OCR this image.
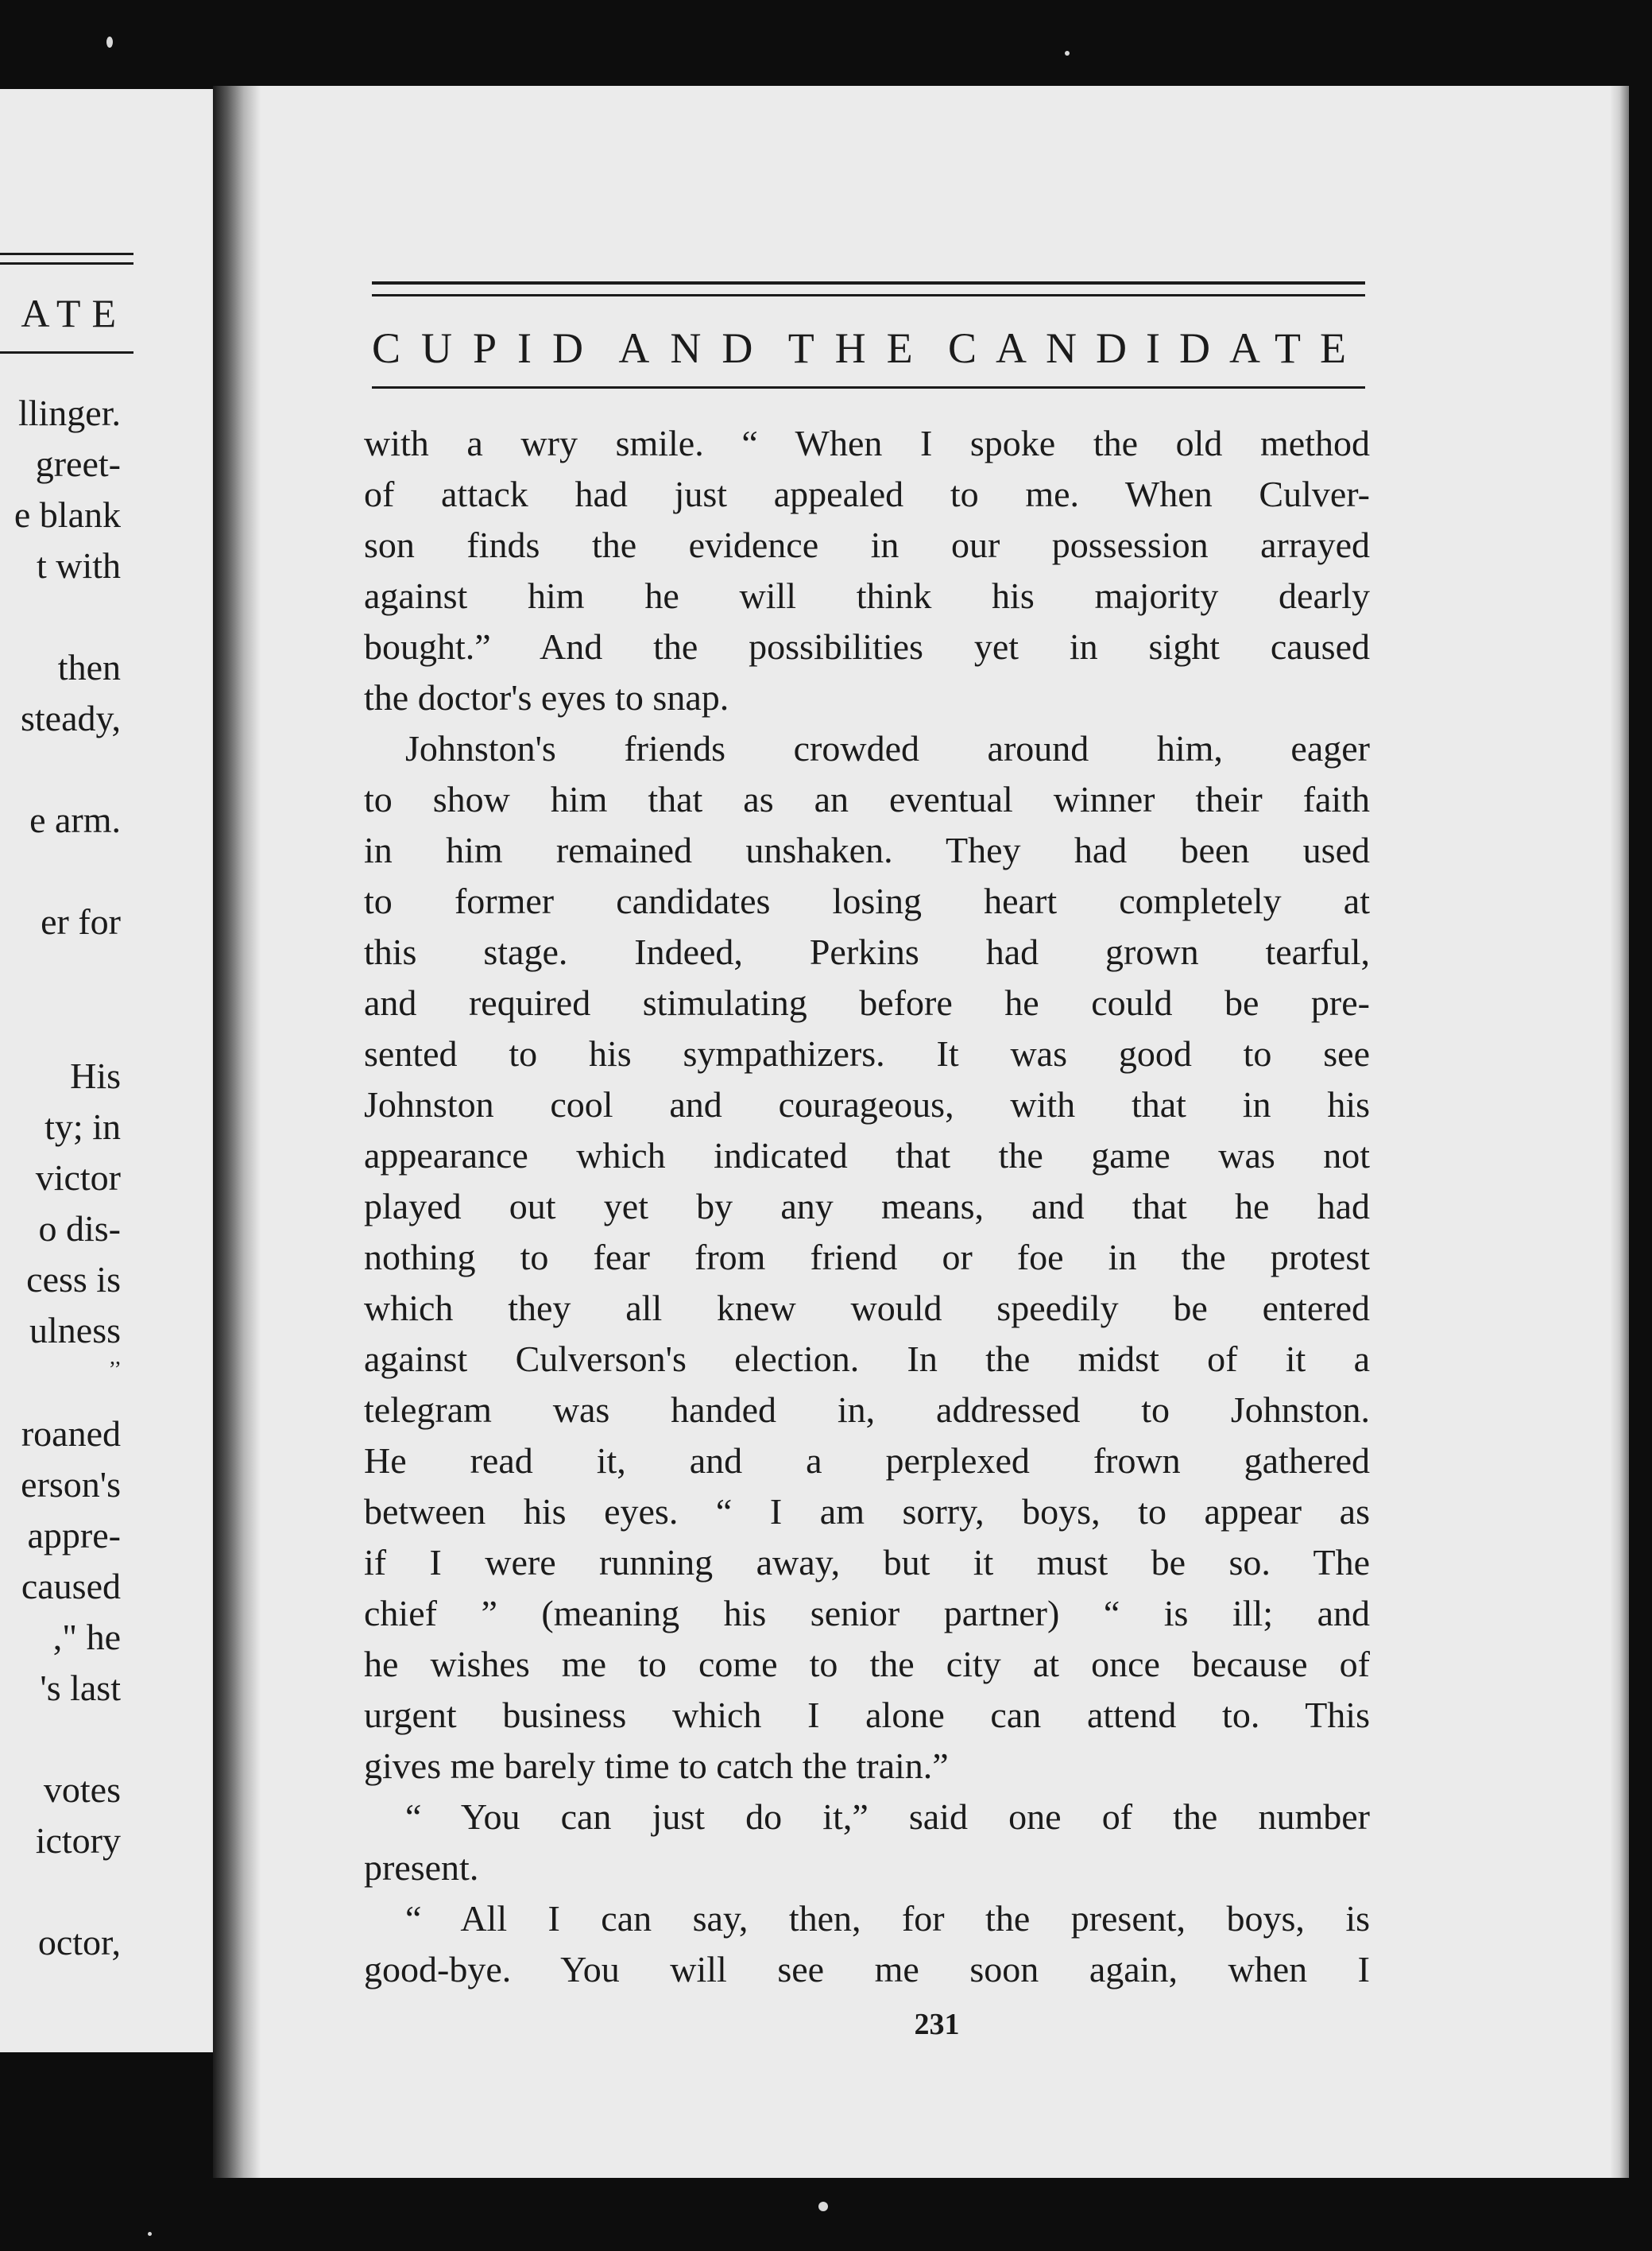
ATE
llinger.
greet-
e blank
t with
then
steady,
e arm.
er for
His
ty; in
victor
o dis-
cess is
ulness
,,
roaned
erson's
appre-
caused
," he
's last
votes
ictory
octor,
CUPID AND THE CANDIDATE
with a wry smile. “ When I spoke the old method
of attack had just appealed to me. When Culver-
son finds the evidence in our possession arrayed
against him he will think his majority dearly
bought.” And the possibilities yet in sight caused
the doctor's eyes to snap.
Johnston's friends crowded around him, eager
to show him that as an eventual winner their faith
in him remained unshaken. They had been used
to former candidates losing heart completely at
this stage. Indeed, Perkins had grown tearful,
and required stimulating before he could be pre-
sented to his sympathizers. It was good to see
Johnston cool and courageous, with that in his
appearance which indicated that the game was not
played out yet by any means, and that he had
nothing to fear from friend or foe in the protest
which they all knew would speedily be entered
against Culverson's election. In the midst of it a
telegram was handed in, addressed to Johnston.
He read it, and a perplexed frown gathered
between his eyes. “ I am sorry, boys, to appear as
if I were running away, but it must be so. The
chief ” (meaning his senior partner) “ is ill; and
he wishes me to come to the city at once because of
urgent business which I alone can attend to. This
gives me barely time to catch the train.”
“ You can just do it,” said one of the number
present.
“ All I can say, then, for the present, boys, is
good-bye. You will see me soon again, when I
231
